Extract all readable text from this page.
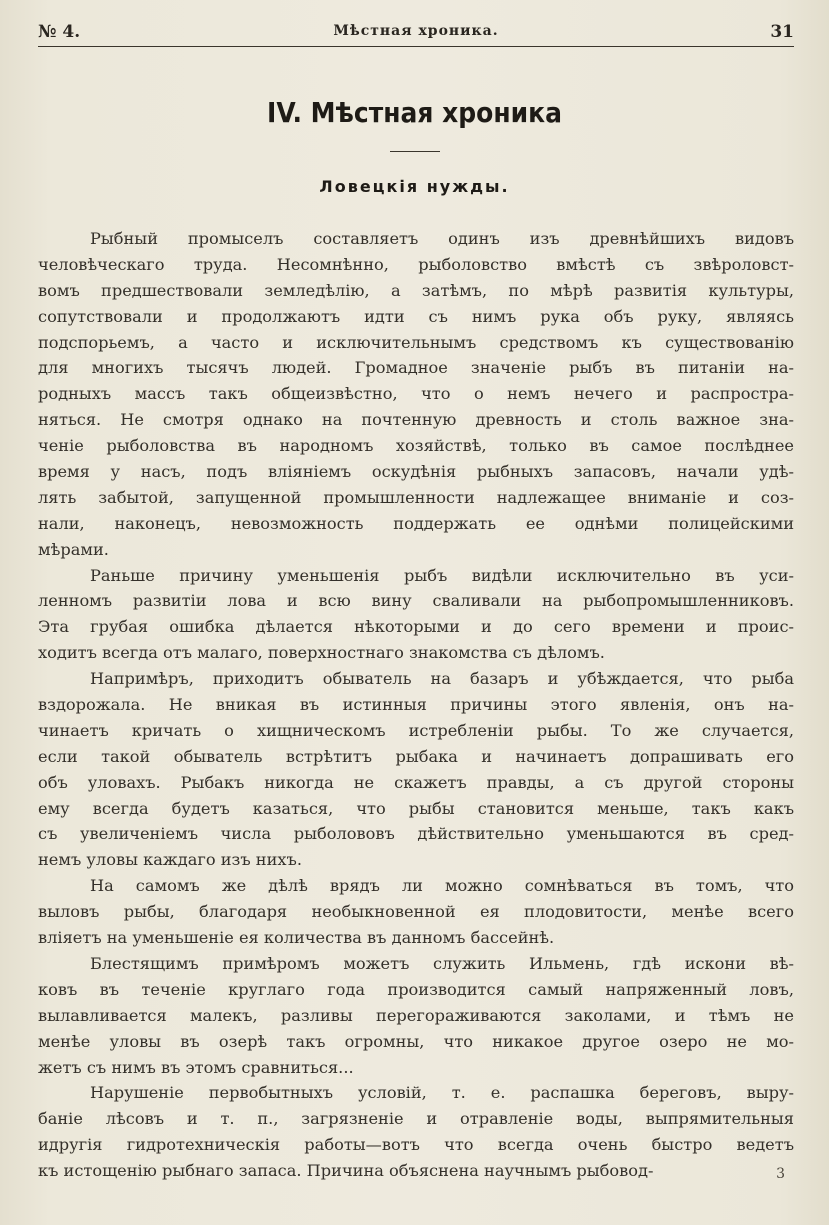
№ 4.	Мѣстная хроника.	31
IV. Мѣстная хроника
Ловецкія нужды.
Рыбный промыселъ составляетъ одинъ изъ древнѣйшихъ видовъ
человѣческаго труда. Несомнѣнно, рыболовство вмѣстѣ съ звѣроловст-
вомъ предшествовали земледѣлію, а затѣмъ, по мѣрѣ развитія культуры,
сопутствовали и продолжаютъ идти съ нимъ рука объ руку, являясь
подспорьемъ, а часто и исключительнымъ средствомъ къ существованію
для многихъ тысячъ людей. Громадное значеніе рыбъ въ питаніи на-
родныхъ массъ такъ общеизвѣстно, что о немъ нечего и распростра-
няться. Не смотря однако на почтенную древность и столь важное зна-
ченіе рыболовства въ народномъ хозяйствѣ, только въ самое послѣднее
время у насъ, подъ вліяніемъ оскудѣнія рыбныхъ запасовъ, начали удѣ-
лять забытой, запущенной промышленности надлежащее вниманіе и соз-
нали, наконецъ, невозможность поддержать ее однѣми полицейскими
мѣрами.
Раньше причину уменьшенія рыбъ видѣли исключительно въ уси-
ленномъ развитіи лова и всю вину сваливали на рыбопромышленниковъ.
Эта грубая ошибка дѣлается нѣкоторыми и до сего времени и проис-
ходитъ всегда отъ малаго, поверхностнаго знакомства съ дѣломъ.
Напримѣръ, приходитъ обыватель на базаръ и убѣждается, что рыба
вздорожала. Не вникая въ истинныя причины этого явленія, онъ на-
чинаетъ кричать о хищническомъ истребленіи рыбы. То же случается,
если такой обыватель встрѣтитъ рыбака и начинаетъ допрашивать его
объ уловахъ. Рыбакъ никогда не скажетъ правды, а съ другой стороны
ему всегда будетъ казаться, что рыбы становится меньше, такъ какъ
съ увеличеніемъ числа рыболововъ дѣйствительно уменьшаются въ сред-
немъ уловы каждаго изъ нихъ.
На самомъ же дѣлѣ врядъ ли можно сомнѣваться въ томъ, что
выловъ рыбы, благодаря необыкновенной ея плодовитости, менѣе всего
вліяетъ на уменьшеніе ея количества въ данномъ бассейнѣ.
Блестящимъ примѣромъ можетъ служить Ильмень, гдѣ искони вѣ-
ковъ въ теченіе круглаго года производится самый напряженный ловъ,
вылавливается малекъ, разливы перегораживаются заколами, и тѣмъ не
менѣе уловы въ озерѣ такъ огромны, что никакое другое озеро не мо-
жетъ съ нимъ въ этомъ сравниться...
Нарушеніе первобытныхъ условій, т. е. распашка береговъ, выру-
баніе лѣсовъ и т. п., загрязненіе и отравленіе воды, выпрямительныя
идругія гидротехническія работы—вотъ что всегда очень быстро ведетъ
къ истощенію рыбнаго запаса. Причина объяснена научнымъ рыбовод-	3
